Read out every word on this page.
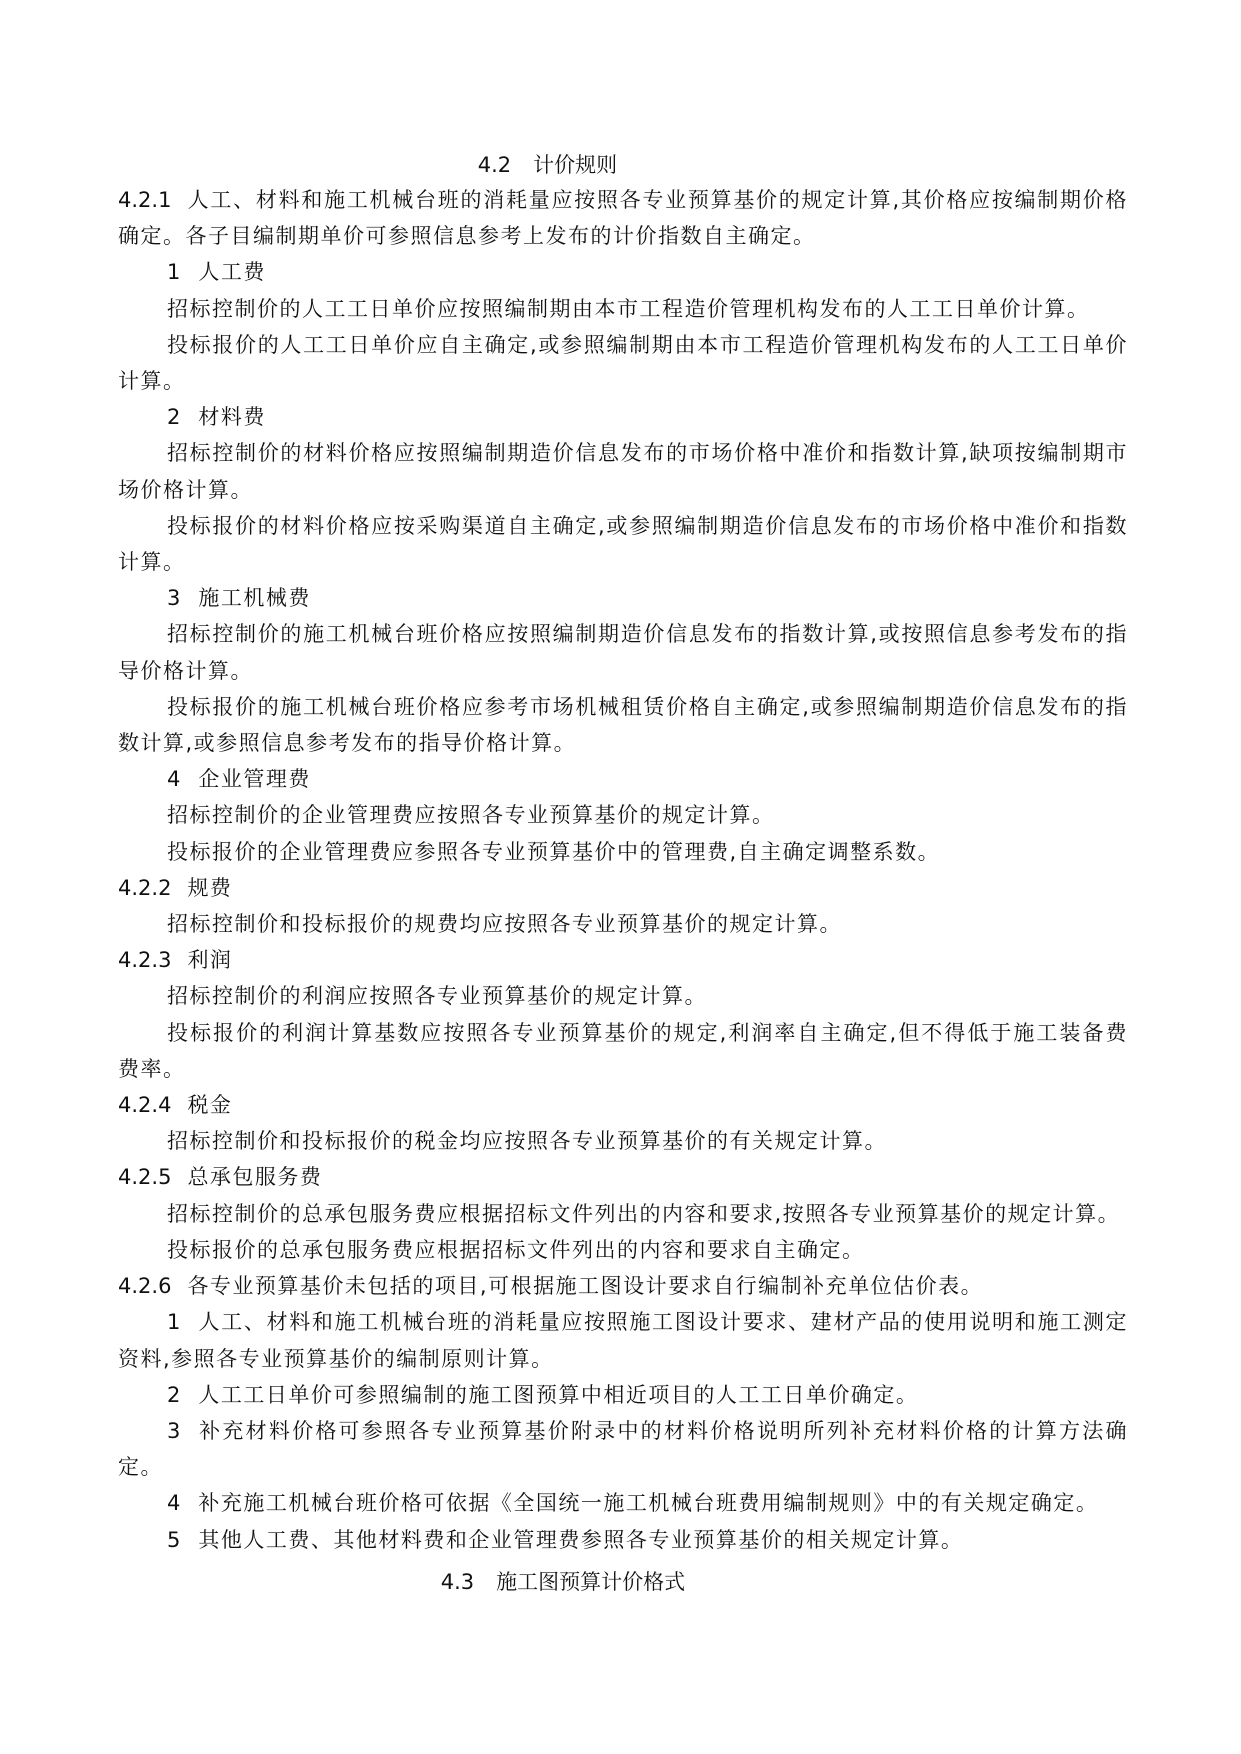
4.2 计价规则

4.2.1 人工、材料和施工机械台班的消耗量应按照各专业预算基价的规定计算,其价格应按编制期价格确定。各子目编制期单价可参照信息参考上发布的计价指数自主确定。

1 人工费

招标控制价的人工工日单价应按照编制期由本市工程造价管理机构发布的人工工日单价计算。

投标报价的人工工日单价应自主确定,或参照编制期由本市工程造价管理机构发布的人工工日单价计算。

2 材料费

招标控制价的材料价格应按照编制期造价信息发布的市场价格中准价和指数计算,缺项按编制期市场价格计算。

投标报价的材料价格应按采购渠道自主确定,或参照编制期造价信息发布的市场价格中准价和指数计算。

3 施工机械费

招标控制价的施工机械台班价格应按照编制期造价信息发布的指数计算,或按照信息参考发布的指导价格计算。

投标报价的施工机械台班价格应参考市场机械租赁价格自主确定,或参照编制期造价信息发布的指数计算,或参照信息参考发布的指导价格计算。

4 企业管理费

招标控制价的企业管理费应按照各专业预算基价的规定计算。

投标报价的企业管理费应参照各专业预算基价中的管理费,自主确定调整系数。

4.2.2 规费

招标控制价和投标报价的规费均应按照各专业预算基价的规定计算。

4.2.3 利润

招标控制价的利润应按照各专业预算基价的规定计算。

投标报价的利润计算基数应按照各专业预算基价的规定,利润率自主确定,但不得低于施工装备费费率。

4.2.4 税金

招标控制价和投标报价的税金均应按照各专业预算基价的有关规定计算。

4.2.5 总承包服务费

招标控制价的总承包服务费应根据招标文件列出的内容和要求,按照各专业预算基价的规定计算。

投标报价的总承包服务费应根据招标文件列出的内容和要求自主确定。

4.2.6 各专业预算基价未包括的项目,可根据施工图设计要求自行编制补充单位估价表。

1 人工、材料和施工机械台班的消耗量应按照施工图设计要求、建材产品的使用说明和施工测定资料,参照各专业预算基价的编制原则计算。

2 人工工日单价可参照编制的施工图预算中相近项目的人工工日单价确定。

3 补充材料价格可参照各专业预算基价附录中的材料价格说明所列补充材料价格的计算方法确定。

4 补充施工机械台班价格可依据《全国统一施工机械台班费用编制规则》中的有关规定确定。

5 其他人工费、其他材料费和企业管理费参照各专业预算基价的相关规定计算。

4.3 施工图预算计价格式
